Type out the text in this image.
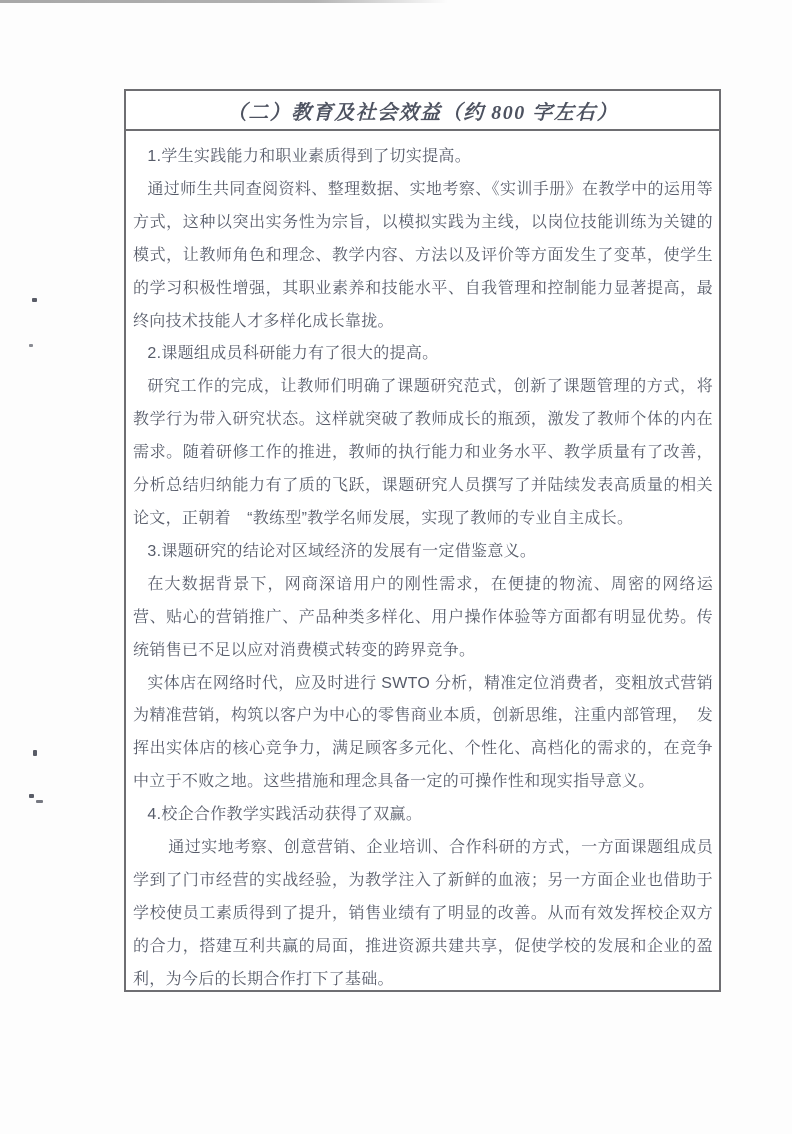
（二）教育及社会效益（约 800 字左右）

1.学生实践能力和职业素质得到了切实提高。

通过师生共同查阅资料、整理数据、实地考察、《实训手册》在教学中的运用等方式，这种以突出实务性为宗旨，以模拟实践为主线，以岗位技能训练为关键的模式，让教师角色和理念、教学内容、方法以及评价等方面发生了变革，使学生的学习积极性增强，其职业素养和技能水平、自我管理和控制能力显著提高，最终向技术技能人才多样化成长靠拢。

2.课题组成员科研能力有了很大的提高。

研究工作的完成，让教师们明确了课题研究范式，创新了课题管理的方式，将教学行为带入研究状态。这样就突破了教师成长的瓶颈，激发了教师个体的内在需求。随着研修工作的推进，教师的执行能力和业务水平、教学质量有了改善，分析总结归纳能力有了质的飞跃，课题研究人员撰写了并陆续发表高质量的相关论文，正朝着　“教练型”教学名师发展，实现了教师的专业自主成长。

3.课题研究的结论对区域经济的发展有一定借鉴意义。

在大数据背景下，网商深谙用户的刚性需求，在便捷的物流、周密的网络运营、贴心的营销推广、产品种类多样化、用户操作体验等方面都有明显优势。传统销售已不足以应对消费模式转变的跨界竞争。

实体店在网络时代，应及时进行 SWTO 分析，精准定位消费者，变粗放式营销为精准营销，构筑以客户为中心的零售商业本质，创新思维，注重内部管理，　发挥出实体店的核心竞争力，满足顾客多元化、个性化、高档化的需求的，在竞争中立于不败之地。这些措施和理念具备一定的可操作性和现实指导意义。

4.校企合作教学实践活动获得了双赢。

通过实地考察、创意营销、企业培训、合作科研的方式，一方面课题组成员学到了门市经营的实战经验，为教学注入了新鲜的血液；另一方面企业也借助于学校使员工素质得到了提升，销售业绩有了明显的改善。从而有效发挥校企双方的合力，搭建互利共赢的局面，推进资源共建共享，促使学校的发展和企业的盈利，为今后的长期合作打下了基础。
